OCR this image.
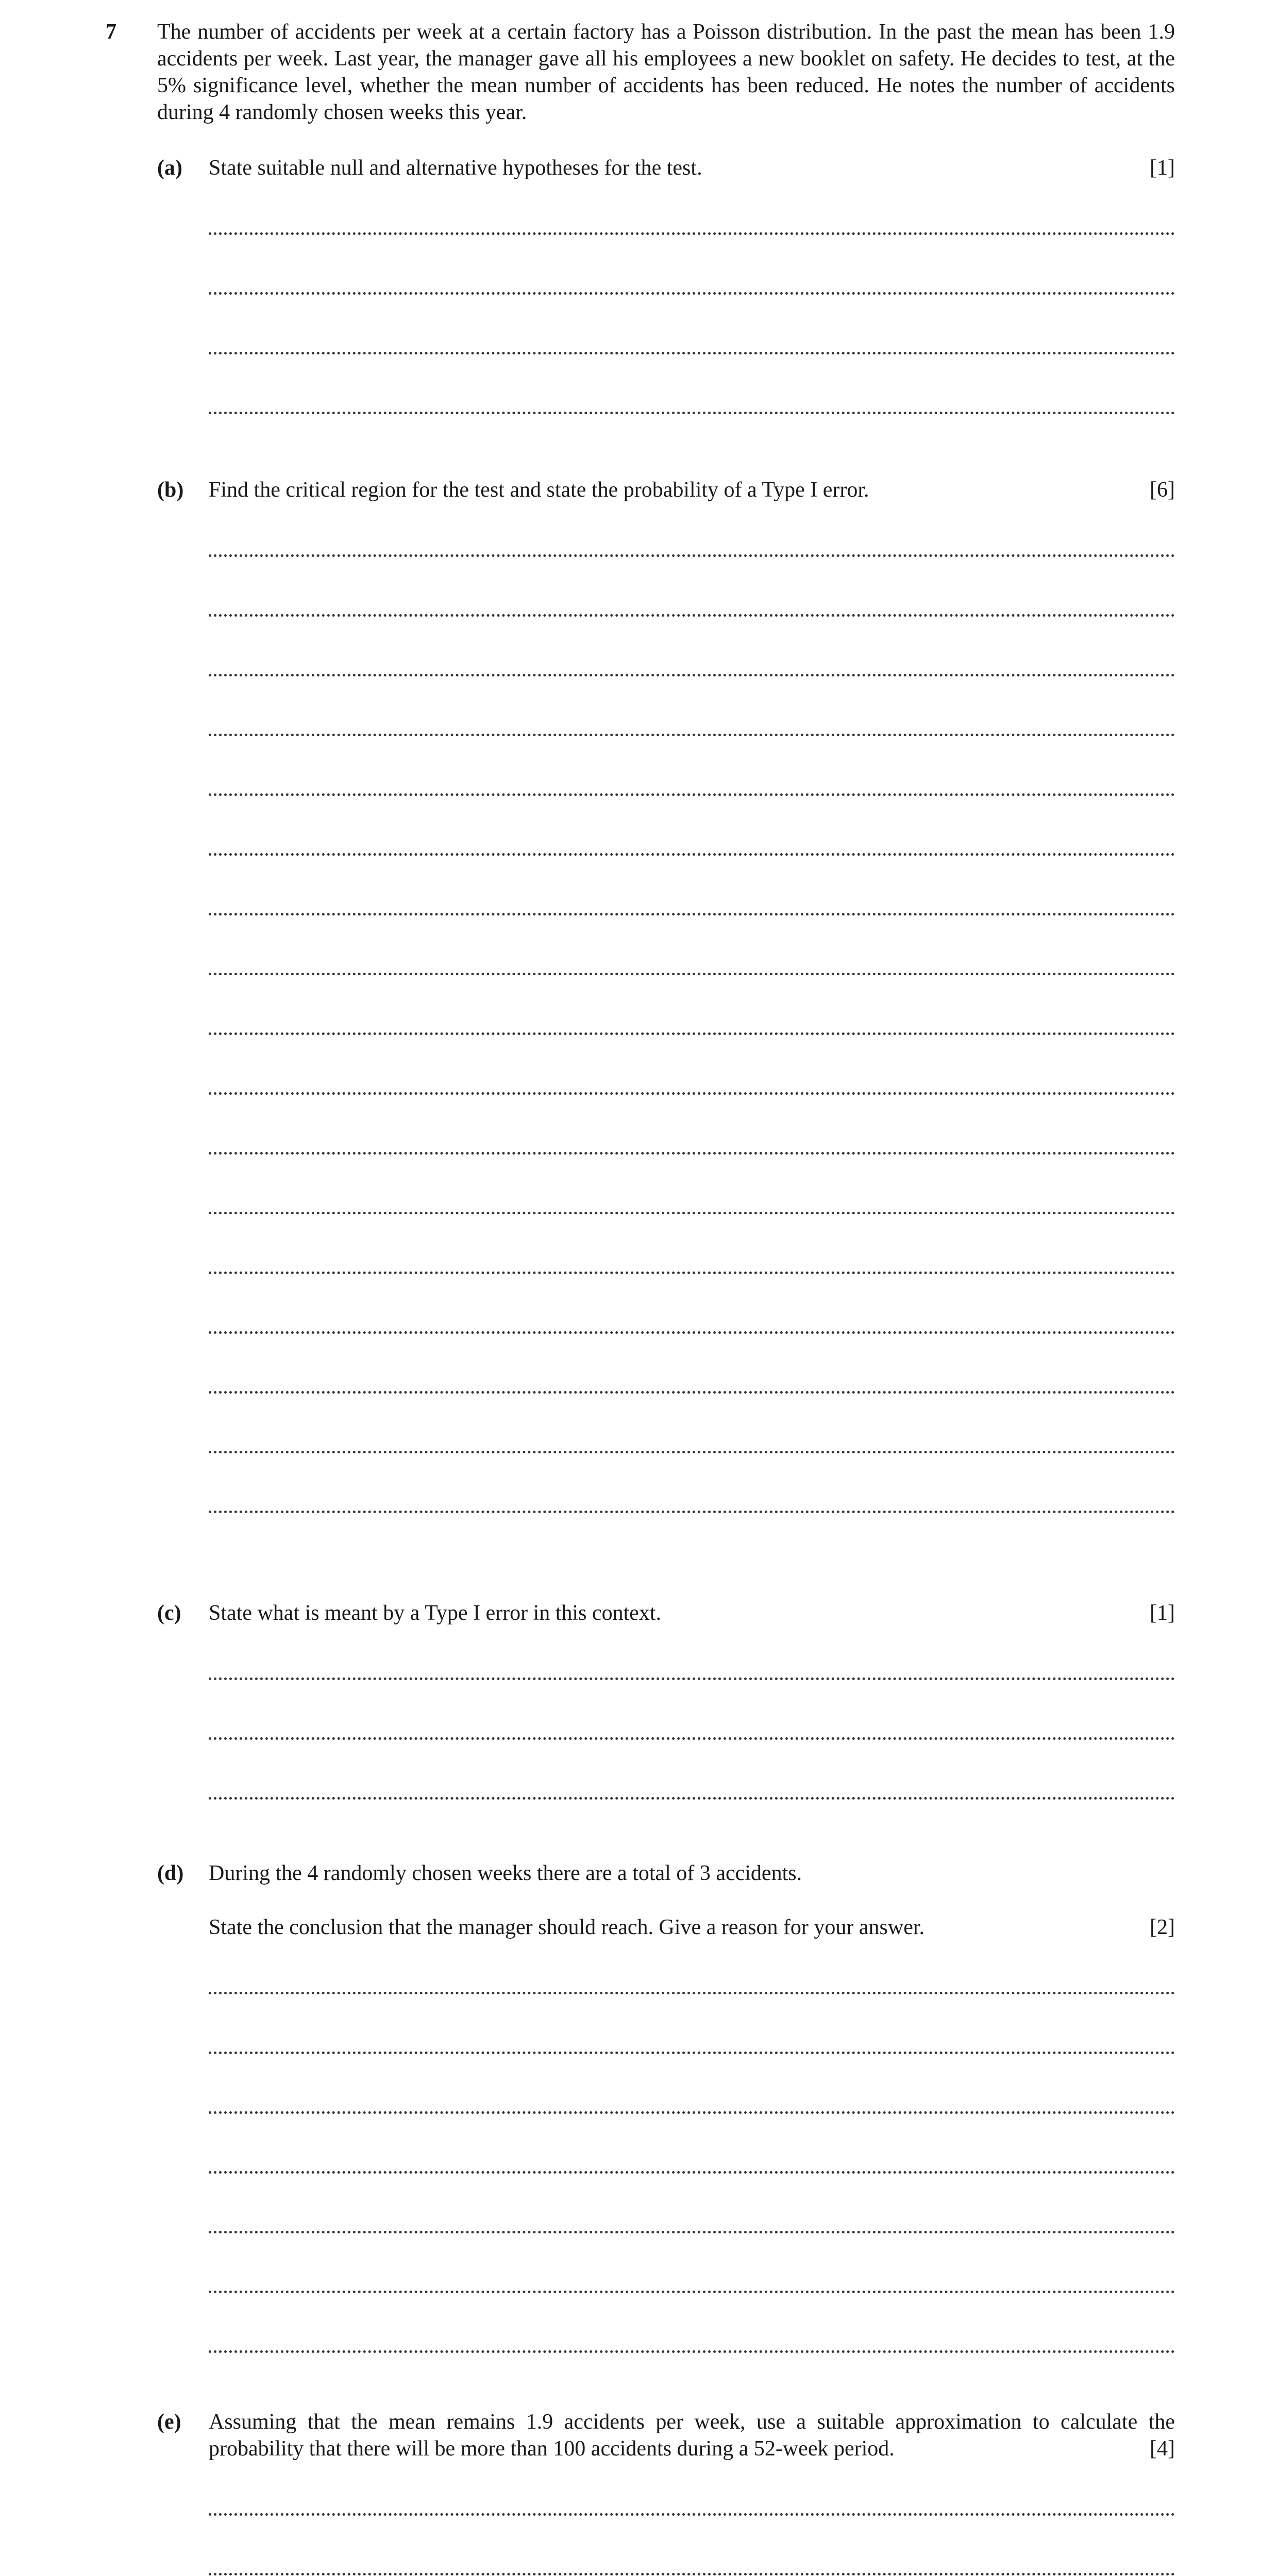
7 The number of accidents per week at a certain factory has a Poisson distribution. In the past the mean has been 1.9 accidents per week. Last year, the manager gave all his employees a new booklet on safety. He decides to test, at the 5% significance level, whether the mean number of accidents has been reduced. He notes the number of accidents during 4 randomly chosen weeks this year.
(a) State suitable null and alternative hypotheses for the test.	[1]
(b) Find the critical region for the test and state the probability of a Type I error.	[6]
(c) State what is meant by a Type I error in this context.	[1]
(d) During the 4 randomly chosen weeks there are a total of 3 accidents.
State the conclusion that the manager should reach. Give a reason for your answer.	[2]
(e) Assuming that the mean remains 1.9 accidents per week, use a suitable approximation to calculate the probability that there will be more than 100 accidents during a 52-week period.	[4]
